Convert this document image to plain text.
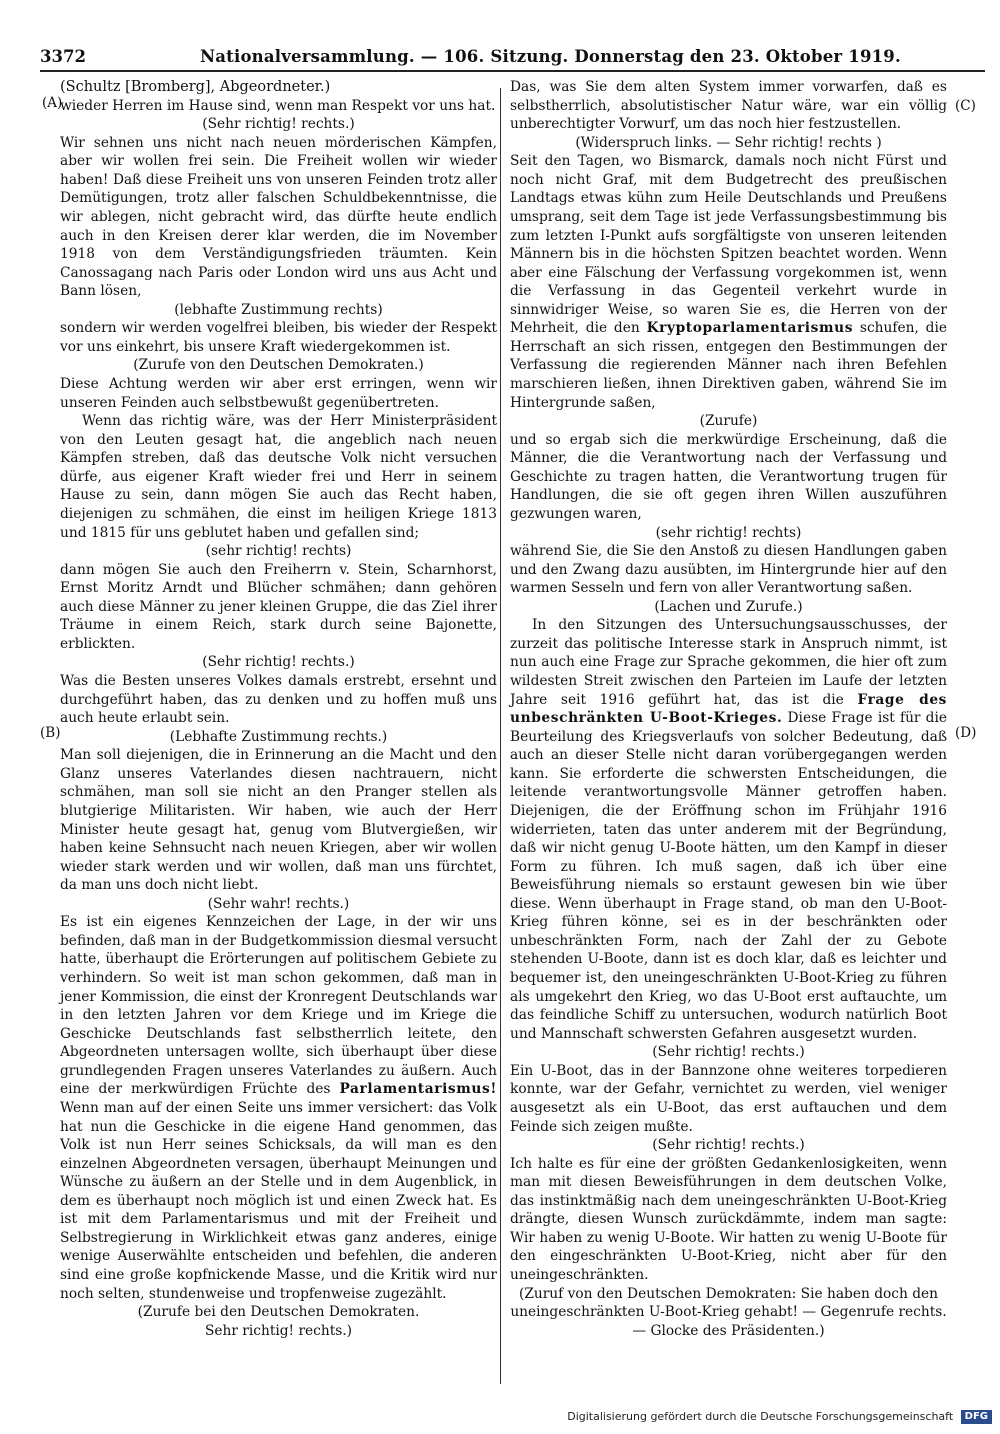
3372	Nationalversammlung. — 106. Sitzung. Donnerstag den 23. Oktober 1919.
(A)
(B)
(C)
(D)

(Schultz [Bromberg], Abgeordneter.)

wieder Herren im Hause sind, wenn man Respekt vor uns hat.

(Sehr richtig! rechts.)

Wir sehnen uns nicht nach neuen mörderischen Kämpfen, aber wir wollen frei sein. Die Freiheit wollen wir wieder haben! Daß diese Freiheit uns von unseren Feinden trotz aller Demütigungen, trotz aller falschen Schuldbekenntnisse, die wir ablegen, nicht gebracht wird, das dürfte heute endlich auch in den Kreisen derer klar werden, die im November 1918 von dem Verständigungsfrieden träumten. Kein Canossagang nach Paris oder London wird uns aus Acht und Bann lösen,

(lebhafte Zustimmung rechts)

sondern wir werden vogelfrei bleiben, bis wieder der Respekt vor uns einkehrt, bis unsere Kraft wiedergekommen ist.

(Zurufe von den Deutschen Demokraten.)

Diese Achtung werden wir aber erst erringen, wenn wir unseren Feinden auch selbstbewußt gegenübertreten.

Wenn das richtig wäre, was der Herr Ministerpräsident von den Leuten gesagt hat, die angeblich nach neuen Kämpfen streben, daß das deutsche Volk nicht versuchen dürfe, aus eigener Kraft wieder frei und Herr in seinem Hause zu sein, dann mögen Sie auch das Recht haben, diejenigen zu schmähen, die einst im heiligen Kriege 1813 und 1815 für uns geblutet haben und gefallen sind;

(sehr richtig! rechts)

dann mögen Sie auch den Freiherrn v. Stein, Scharnhorst, Ernst Moritz Arndt und Blücher schmähen; dann gehören auch diese Männer zu jener kleinen Gruppe, die das Ziel ihrer Träume in einem Reich, stark durch seine Bajonette, erblickten.

(Sehr richtig! rechts.)

Was die Besten unseres Volkes damals erstrebt, ersehnt und durchgeführt haben, das zu denken und zu hoffen muß uns auch heute erlaubt sein.

(Lebhafte Zustimmung rechts.)

Man soll diejenigen, die in Erinnerung an die Macht und den Glanz unseres Vaterlandes diesen nachtrauern, nicht schmähen, man soll sie nicht an den Pranger stellen als blutgierige Militaristen. Wir haben, wie auch der Herr Minister heute gesagt hat, genug vom Blutvergießen, wir haben keine Sehnsucht nach neuen Kriegen, aber wir wollen wieder stark werden und wir wollen, daß man uns fürchtet, da man uns doch nicht liebt.

(Sehr wahr! rechts.)

Es ist ein eigenes Kennzeichen der Lage, in der wir uns befinden, daß man in der Budgetkommission diesmal versucht hatte, überhaupt die Erörterungen auf politischem Gebiete zu verhindern. So weit ist man schon gekommen, daß man in jener Kommission, die einst der Kronregent Deutschlands war in den letzten Jahren vor dem Kriege und im Kriege die Geschicke Deutschlands fast selbstherrlich leitete, den Abgeordneten untersagen wollte, sich überhaupt über diese grundlegenden Fragen unseres Vaterlandes zu äußern. Auch eine der merkwürdigen Früchte des Parlamentarismus! Wenn man auf der einen Seite uns immer versichert: das Volk hat nun die Geschicke in die eigene Hand genommen, das Volk ist nun Herr seines Schicksals, da will man es den einzelnen Abgeordneten versagen, überhaupt Meinungen und Wünsche zu äußern an der Stelle und in dem Augenblick, in dem es überhaupt noch möglich ist und einen Zweck hat. Es ist mit dem Parlamentarismus und mit der Freiheit und Selbstregierung in Wirklichkeit etwas ganz anderes, einige wenige Auserwählte entscheiden und befehlen, die anderen sind eine große kopfnickende Masse, und die Kritik wird nur noch selten, stundenweise und tropfenweise zugezählt.

(Zurufe bei den Deutschen Demokraten.

Sehr richtig! rechts.)

Das, was Sie dem alten System immer vorwarfen, daß es selbstherrlich, absolutistischer Natur wäre, war ein völlig unberechtigter Vorwurf, um das noch hier festzustellen.

(Widerspruch links. — Sehr richtig! rechts )

Seit den Tagen, wo Bismarck, damals noch nicht Fürst und noch nicht Graf, mit dem Budgetrecht des preußischen Landtags etwas kühn zum Heile Deutschlands und Preußens umsprang, seit dem Tage ist jede Verfassungsbestimmung bis zum letzten I-Punkt aufs sorgfältigste von unseren leitenden Männern bis in die höchsten Spitzen beachtet worden. Wenn aber eine Fälschung der Verfassung vorgekommen ist, wenn die Verfassung in das Gegenteil verkehrt wurde in sinnwidriger Weise, so waren Sie es, die Herren von der Mehrheit, die den Kryptoparlamentarismus schufen, die Herrschaft an sich rissen, entgegen den Bestimmungen der Verfassung die regierenden Männer nach ihren Befehlen marschieren ließen, ihnen Direktiven gaben, während Sie im Hintergrunde saßen,

(Zurufe)

und so ergab sich die merkwürdige Erscheinung, daß die Männer, die die Verantwortung nach der Verfassung und Geschichte zu tragen hatten, die Verantwortung trugen für Handlungen, die sie oft gegen ihren Willen auszuführen gezwungen waren,

(sehr richtig! rechts)

während Sie, die Sie den Anstoß zu diesen Handlungen gaben und den Zwang dazu ausübten, im Hintergrunde hier auf den warmen Sesseln und fern von aller Verantwortung saßen.

(Lachen und Zurufe.)

In den Sitzungen des Untersuchungsausschusses, der zurzeit das politische Interesse stark in Anspruch nimmt, ist nun auch eine Frage zur Sprache gekommen, die hier oft zum wildesten Streit zwischen den Parteien im Laufe der letzten Jahre seit 1916 geführt hat, das ist die Frage des unbeschränkten U-Boot-Krieges. Diese Frage ist für die Beurteilung des Kriegsverlaufs von solcher Bedeutung, daß auch an dieser Stelle nicht daran vorübergegangen werden kann. Sie erforderte die schwersten Entscheidungen, die leitende verantwortungsvolle Männer getroffen haben. Diejenigen, die der Eröffnung schon im Frühjahr 1916 widerrieten, taten das unter anderem mit der Begründung, daß wir nicht genug U-Boote hätten, um den Kampf in dieser Form zu führen. Ich muß sagen, daß ich über eine Beweisführung niemals so erstaunt gewesen bin wie über diese. Wenn überhaupt in Frage stand, ob man den U-Boot-Krieg führen könne, sei es in der beschränkten oder unbeschränkten Form, nach der Zahl der zu Gebote stehenden U-Boote, dann ist es doch klar, daß es leichter und bequemer ist, den uneingeschränkten U-Boot-Krieg zu führen als umgekehrt den Krieg, wo das U-Boot erst auftauchte, um das feindliche Schiff zu untersuchen, wodurch natürlich Boot und Mannschaft schwersten Gefahren ausgesetzt wurden.

(Sehr richtig! rechts.)

Ein U-Boot, das in der Bannzone ohne weiteres torpedieren konnte, war der Gefahr, vernichtet zu werden, viel weniger ausgesetzt als ein U-Boot, das erst auftauchen und dem Feinde sich zeigen mußte.

(Sehr richtig! rechts.)

Ich halte es für eine der größten Gedankenlosigkeiten, wenn man mit diesen Beweisführungen in dem deutschen Volke, das instinktmäßig nach dem uneingeschränkten U-Boot-Krieg drängte, diesen Wunsch zurückdämmte, indem man sagte: Wir haben zu wenig U-Boote. Wir hatten zu wenig U-Boote für den eingeschränkten U-Boot-Krieg, nicht aber für den uneingeschränkten.

(Zuruf von den Deutschen Demokraten: Sie haben doch den uneingeschränkten U-Boot-Krieg gehabt! — Gegenrufe rechts. — Glocke des Präsidenten.)

Digitalisierung gefördert durch die Deutsche Forschungsgemeinschaft DFG
